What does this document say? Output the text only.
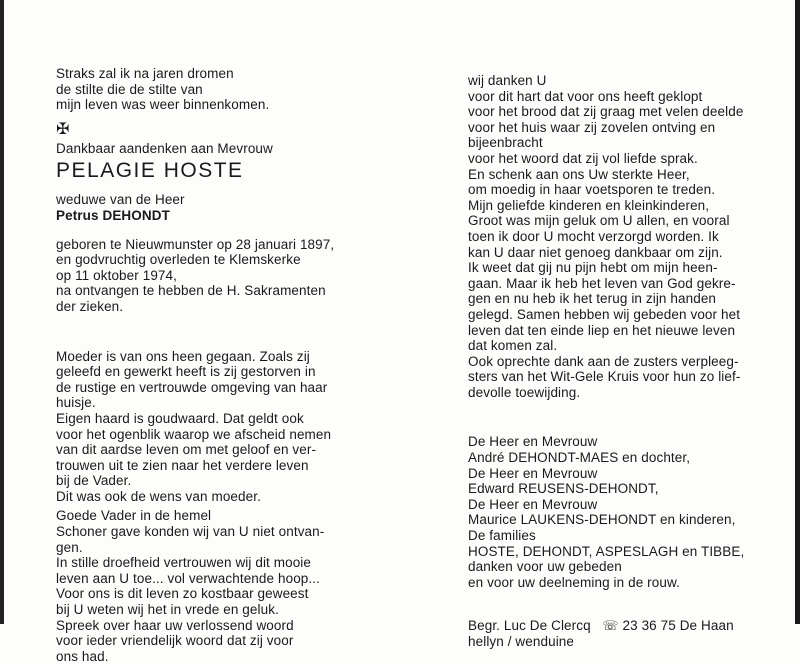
Straks zal ik na jaren dromen
de stilte die de stilte van
mijn leven was weer binnenkomen.
✠
Dankbaar aandenken aan Mevrouw
PELAGIE HOSTE
weduwe van de Heer
Petrus DEHONDT
geboren te Nieuwmunster op 28 januari 1897,
en godvruchtig overleden te Klemskerke
op 11 oktober 1974,
na ontvangen te hebben de H. Sakramenten
der zieken.
Moeder is van ons heen gegaan. Zoals zij
geleefd en gewerkt heeft is zij gestorven in
de rustige en vertrouwde omgeving van haar
huisje.
Eigen haard is goudwaard. Dat geldt ook
voor het ogenblik waarop we afscheid nemen
van dit aardse leven om met geloof en ver-
trouwen uit te zien naar het verdere leven
bij de Vader.
Dit was ook de wens van moeder.
Goede Vader in de hemel
Schoner gave konden wij van U niet ontvan-
gen.
In stille droefheid vertrouwen wij dit mooie
leven aan U toe... vol verwachtende hoop...
Voor ons is dit leven zo kostbaar geweest
bij U weten wij het in vrede en geluk.
Spreek over haar uw verlossend woord
voor ieder vriendelijk woord dat zij voor
ons had.
wij danken U
voor dit hart dat voor ons heeft geklopt
voor het brood dat zij graag met velen deelde
voor het huis waar zij zovelen ontving en
bijeenbracht
voor het woord dat zij vol liefde sprak.
En schenk aan ons Uw sterkte Heer,
om moedig in haar voetsporen te treden.
Mijn geliefde kinderen en kleinkinderen,
Groot was mijn geluk om U allen, en vooral
toen ik door U mocht verzorgd worden. Ik
kan U daar niet genoeg dankbaar om zijn.
Ik weet dat gij nu pijn hebt om mijn heen-
gaan. Maar ik heb het leven van God gekre-
gen en nu heb ik het terug in zijn handen
gelegd. Samen hebben wij gebeden voor het
leven dat ten einde liep en het nieuwe leven
dat komen zal.
Ook oprechte dank aan de zusters verpleeg-
sters van het Wit-Gele Kruis voor hun zo lief-
devolle toewijding.
De Heer en Mevrouw
André DEHONDT-MAES en dochter,
De Heer en Mevrouw
Edward REUSENS-DEHONDT,
De Heer en Mevrouw
Maurice LAUKENS-DEHONDT en kinderen,
De families
HOSTE, DEHONDT, ASPESLAGH en TIBBE,
danken voor uw gebeden
en voor uw deelneming in de rouw.
Begr. Luc De Clercq ☏ 23 36 75 De Haan
hellyn / wenduine
